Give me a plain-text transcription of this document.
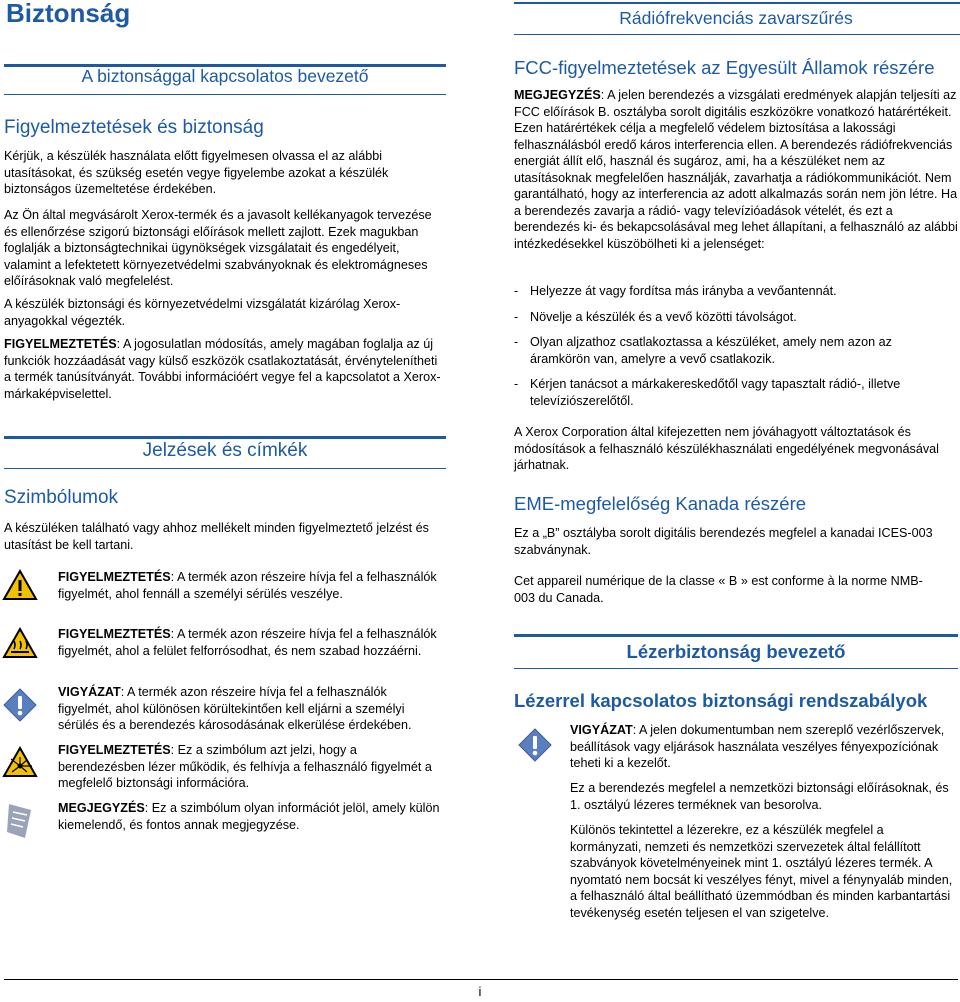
Biztonság	Rádiófrekvenciás zavarszűrés
A biztonsággal kapcsolatos bevezető
Figyelmeztetések és biztonság

Kérjük, a készülék használata előtt figyelmesen olvassa el az alábbi utasításokat, és szükség esetén vegye figyelembe azokat a készülék biztonságos üzemeltetése érdekében.

Az Ön által megvásárolt Xerox-termék és a javasolt kellékanyagok tervezése és ellenőrzése szigorú biztonsági előírások mellett zajlott. Ezek magukban foglalják a biztonságtechnikai ügynökségek vizsgálatait és engedélyeit, valamint a lefektetett környezetvédelmi szabványoknak és elektromágneses előírásoknak való megfelelést.

A készülék biztonsági és környezetvédelmi vizsgálatát kizárólag Xerox-anyagokkal végezték.

FIGYELMEZTETÉS: A jogosulatlan módosítás, amely magában foglalja az új funkciók hozzáadását vagy külső eszközök csatlakoztatását, érvénytelenítheti a termék tanúsítványát. További információért vegye fel a kapcsolatot a Xerox-márkaképviselettel.

Jelzések és címkék
Szimbólumok

A készüléken található vagy ahhoz mellékelt minden figyelmeztető jelzést és utasítást be kell tartani.

FIGYELMEZTETÉS: A termék azon részeire hívja fel a felhasználók figyelmét, ahol fennáll a személyi sérülés veszélye.

FIGYELMEZTETÉS: A termék azon részeire hívja fel a felhasználók figyelmét, ahol a felület felforrósodhat, és nem szabad hozzáérni.

VIGYÁZAT: A termék azon részeire hívja fel a felhasználók figyelmét, ahol különösen körültekintően kell eljárni a személyi sérülés és a berendezés károsodásának elkerülése érdekében.

FIGYELMEZTETÉS: Ez a szimbólum azt jelzi, hogy a berendezésben lézer működik, és felhívja a felhasználó figyelmét a megfelelő biztonsági információra.

MEGJEGYZÉS: Ez a szimbólum olyan információt jelöl, amely külön kiemelendő, és fontos annak megjegyzése.

FCC-figyelmeztetések az Egyesült Államok részére

MEGJEGYZÉS: A jelen berendezés a vizsgálati eredmények alapján teljesíti az FCC előírások B. osztályba sorolt digitális eszközökre vonatkozó határértékeit. Ezen határértékek célja a megfelelő védelem biztosítása a lakossági felhasználásból eredő káros interferencia ellen. A berendezés rádiófrekvenciás energiát állít elő, használ és sugároz, ami, ha a készüléket nem az utasításoknak megfelelően használják, zavarhatja a rádiókommunikációt. Nem garantálható, hogy az interferencia az adott alkalmazás során nem jön létre. Ha a berendezés zavarja a rádió- vagy televízióadások vételét, és ezt a berendezés ki- és bekapcsolásával meg lehet állapítani, a felhasználó az alábbi intézkedésekkel küszöbölheti ki a jelenséget:

- Helyezze át vagy fordítsa más irányba a vevőantennát.
- Növelje a készülék és a vevő közötti távolságot.
- Olyan aljzathoz csatlakoztassa a készüléket, amely nem azon az áramkörön van, amelyre a vevő csatlakozik.
- Kérjen tanácsot a márkakereskedőtől vagy tapasztalt rádió-, illetve televíziószerelőtől.

A Xerox Corporation által kifejezetten nem jóváhagyott változtatások és módosítások a felhasználó készülékhasználati engedélyének megvonásával járhatnak.

EME-megfelelőség Kanada részére

Ez a „B” osztályba sorolt digitális berendezés megfelel a kanadai ICES-003 szabványnak.

Cet appareil numérique de la classe « B » est conforme à la norme NMB-003 du Canada.

Lézerbiztonság bevezető
Lézerrel kapcsolatos biztonsági rendszabályok

VIGYÁZAT: A jelen dokumentumban nem szereplő vezérlőszervek, beállítások vagy eljárások használata veszélyes fényexpozíciónak teheti ki a kezelőt.

Ez a berendezés megfelel a nemzetközi biztonsági előírásoknak, és 1. osztályú lézeres terméknek van besorolva.

Különös tekintettel a lézerekre, ez a készülék megfelel a kormányzati, nemzeti és nemzetközi szervezetek által felállított szabványok követelményeinek mint 1. osztályú lézeres termék. A nyomtató nem bocsát ki veszélyes fényt, mivel a fénynyaláb minden, a felhasználó által beállítható üzemmódban és minden karbantartási tevékenység esetén teljesen el van szigetelve.

i
